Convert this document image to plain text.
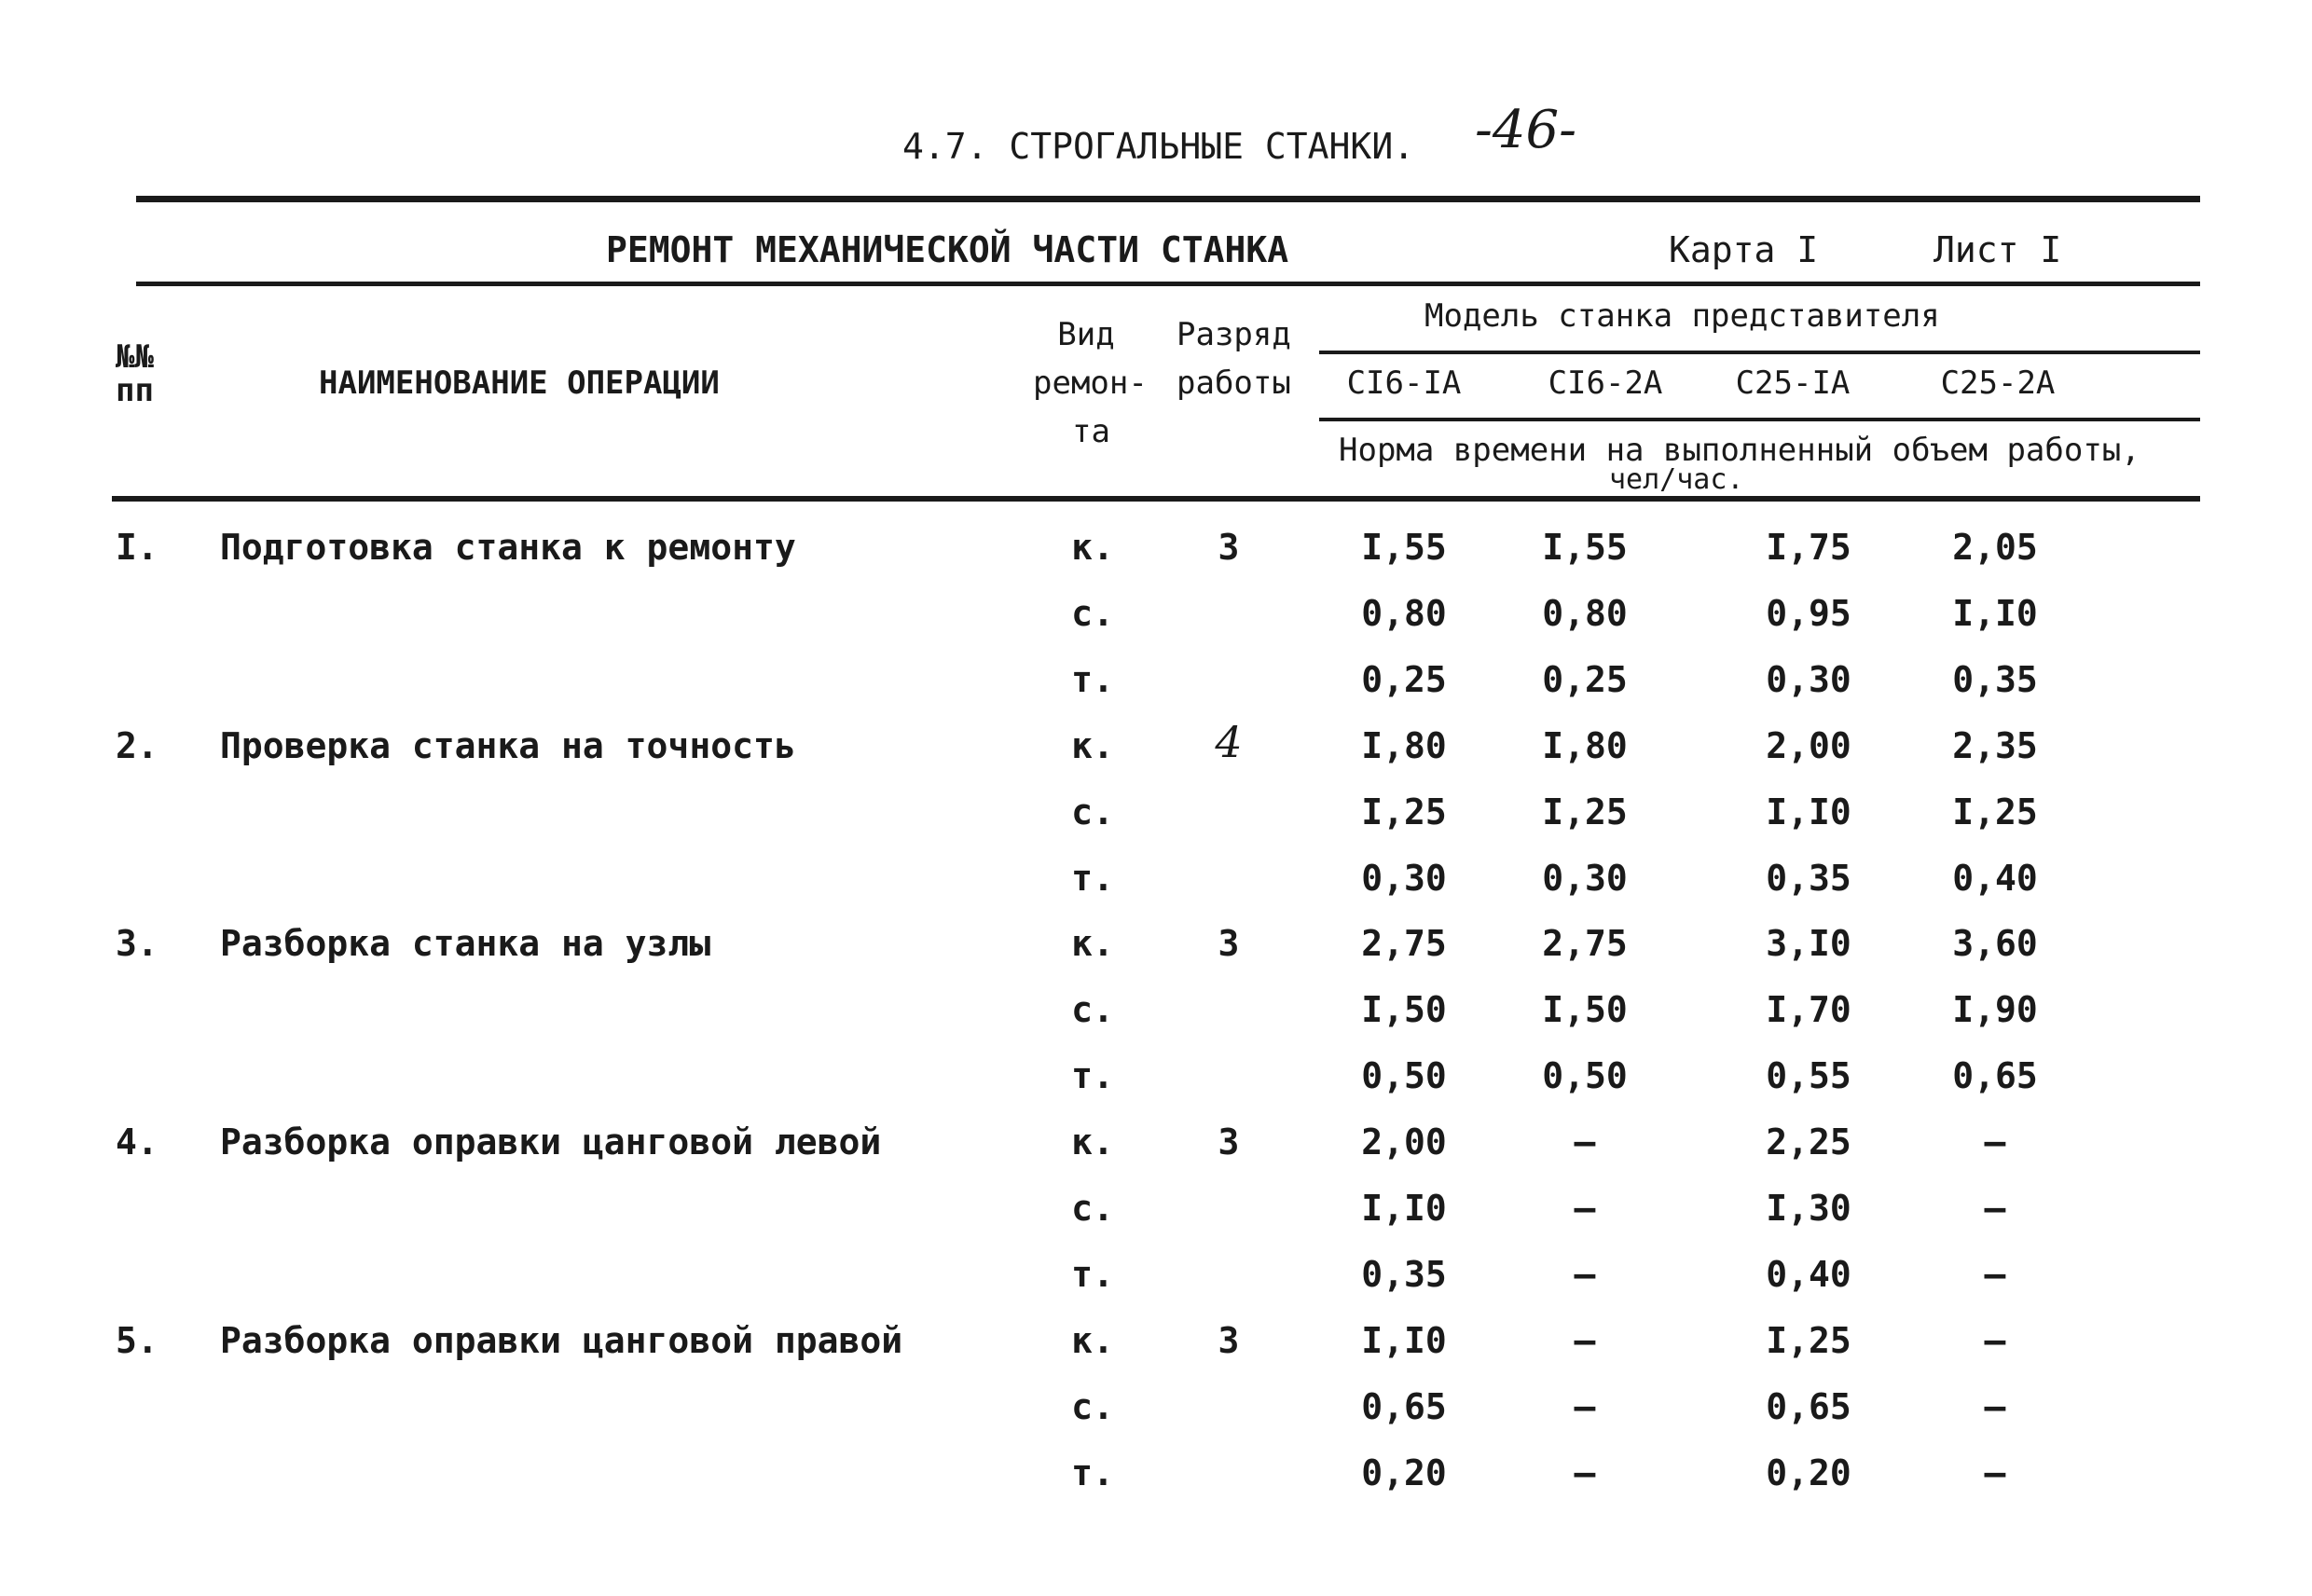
4.7. СТРОГАЛЬНЫЕ СТАНКИ. -46-
РЕМОНТ МЕХАНИЧЕСКОЙ ЧАСТИ СТАНКА	Карта I	Лист I
№№ пп	НАИМЕНОВАНИЕ ОПЕРАЦИИ
Вид
ремон-
та
Разряд
работы
Модель станка представителя
СI6-IA	СI6-2A С25-IA	С25-2A
Норма времени на выполненный объем работы,
чел/час.
I. Подготовка станка к ремонту	3
к.	I,55	I,55	I,75	2,05
с.	0,80	0,80	0,95	I,I0
т.	0,25	0,25	0,30	0,35
2. Проверка станка на точность	4
к.	I,80	I,80	2,00	2,35
с.	I,25	I,25	I,I0	I,25
т.	0,30	0,30	0,35	0,40
3. Разборка станка на узлы	3
к.	2,75	2,75	3,I0	3,60
с.	I,50	I,50	I,70	I,90
т.	0,50	0,50	0,55	0,65
4. Разборка оправки цанговой левой	3
к.	2,00	–	2,25	–
с.	I,I0	–	I,30	–
т.	0,35	–	0,40	–
5. Разборка оправки цанговой правой	3
к.	I,I0	–	I,25	–
с.	0,65	–	0,65	–
т.	0,20	–	0,20	–
